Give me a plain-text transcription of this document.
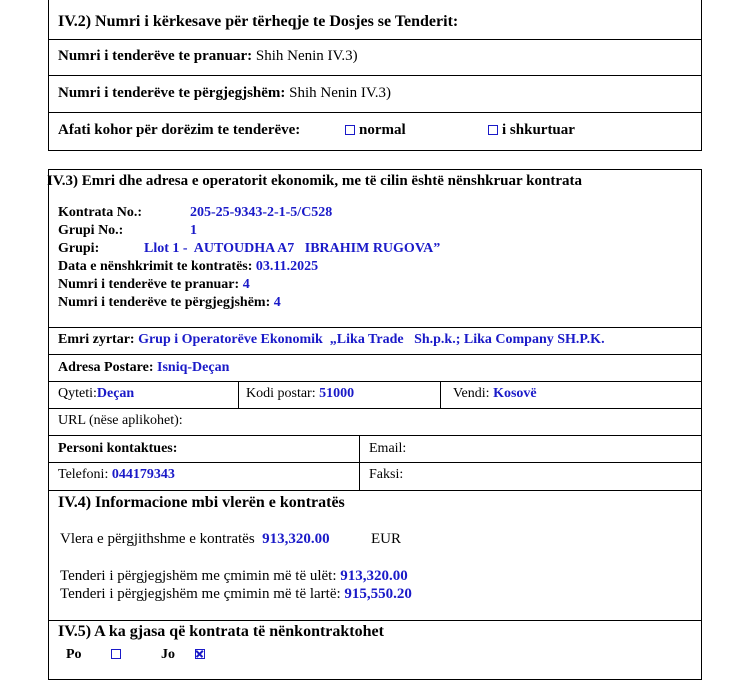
IV.2) Numri i kërkesave për tërheqje te Dosjes se Tenderit:
Numri i tenderëve te pranuar: Shih Nenin IV.3)
Numri i tenderëve te përgjegjshëm: Shih Nenin IV.3)
Afati kohor për dorëzim te tenderëve:	normal	i shkurtuar
IV.3) Emri dhe adresa e operatorit ekonomik, me të cilin është nënshkruar kontrata
Kontrata No.:	205-25-9343-2-1-5/C528
Grupi No.:	1
Grupi:	Llot 1 -  AUTOUDHA A7   IBRAHIM RUGOVA”
Data e nënshkrimit te kontratës: 03.11.2025
Numri i tenderëve te pranuar: 4
Numri i tenderëve te përgjegjshëm: 4
Emri zyrtar: Grup i Operatorëve Ekonomik  „Lika Trade   Sh.p.k.; Lika Company SH.P.K.
Adresa Postare: Isniq-Deçan
Qyteti:Deçan	Kodi postar: 51000	Vendi: Kosovë
URL (nëse aplikohet):
Personi kontaktues:	Email:
Telefoni: 044179343	Faksi:
IV.4) Informacione mbi vlerën e kontratës
Vlera e përgjithshme e kontratës 913,320.00	EUR
Tenderi i përgjegjshëm me çmimin më të ulët: 913,320.00
Tenderi i përgjegjshëm me çmimin më të lartë: 915,550.20
IV.5) A ka gjasa që kontrata të nënkontraktohet
Po	Jo
